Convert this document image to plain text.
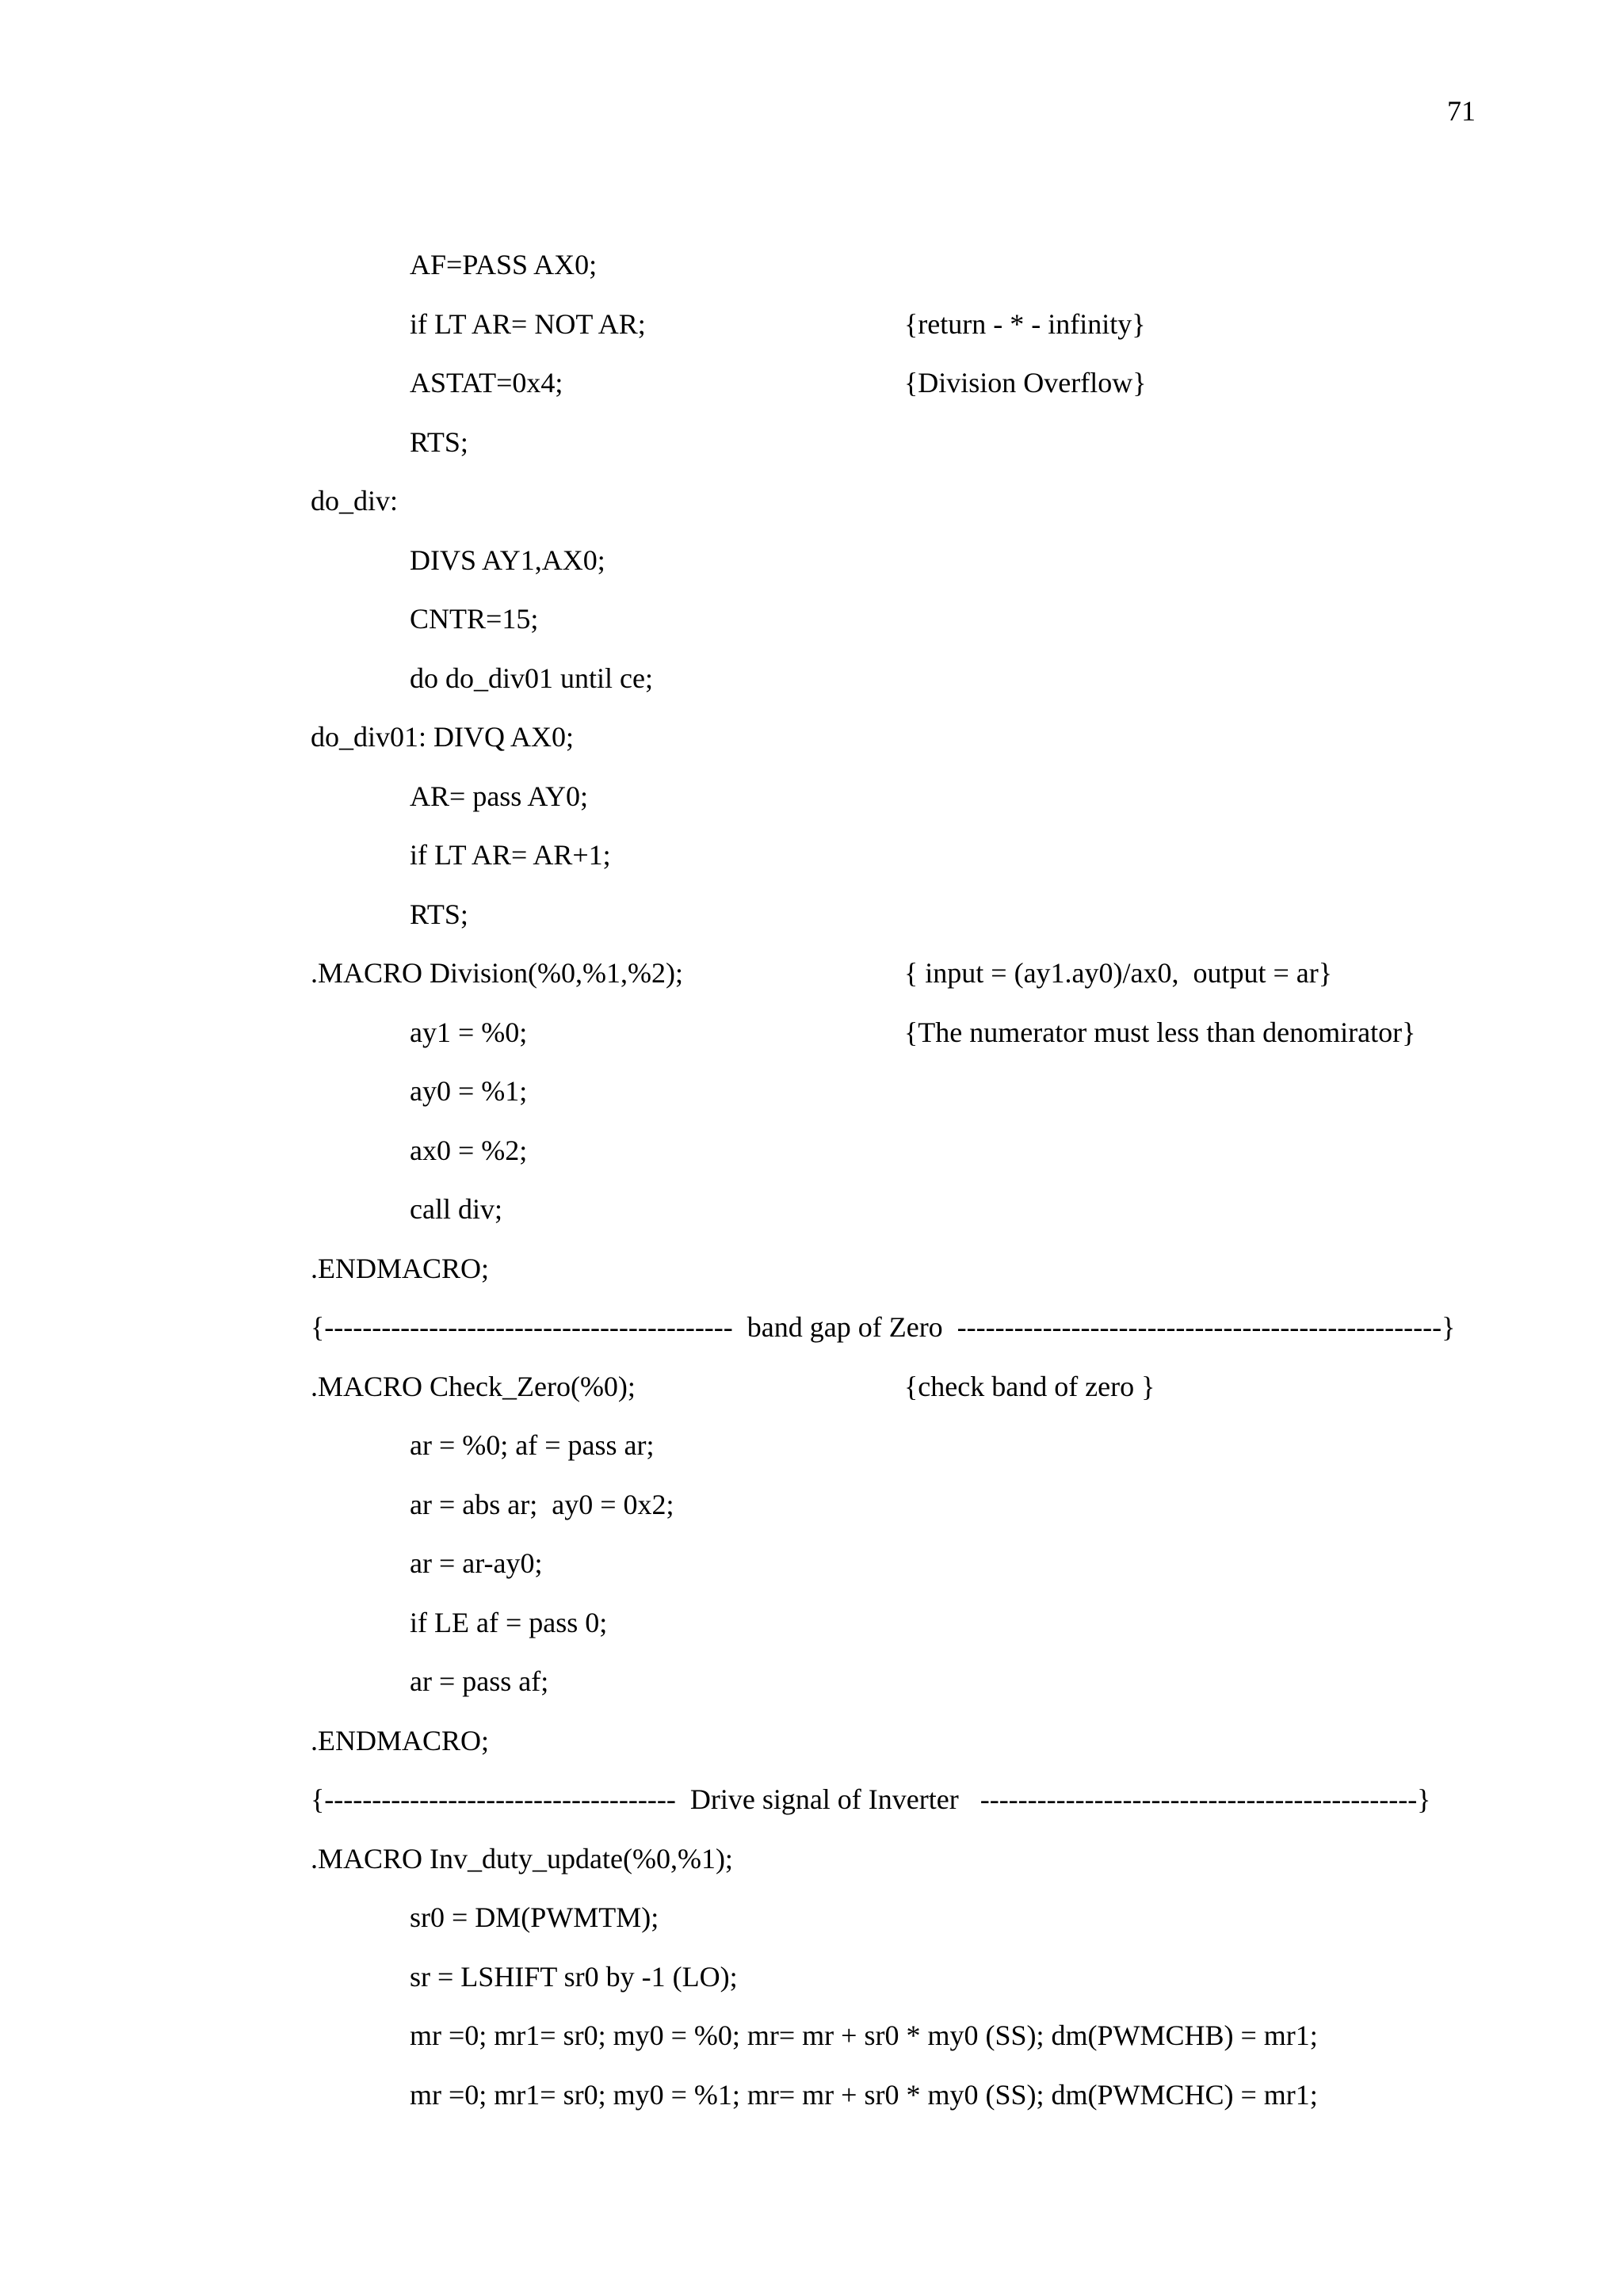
71
AF=PASS AX0;
if LT AR= NOT AR;	{return - * - infinity}
ASTAT=0x4;	{Division Overflow}
RTS;
do_div:
DIVS AY1,AX0;
CNTR=15;
do do_div01 until ce;
do_div01: DIVQ AX0;
AR= pass AY0;
if LT AR= AR+1;
RTS;
.MACRO Division(%0,%1,%2);	{ input = (ay1.ay0)/ax0,  output = ar}
ay1 = %0;	{The numerator must less than denomirator}
ay0 = %1;
ax0 = %2;
call div;
.ENDMACRO;
{-------------------------------------------  band gap of Zero  ---------------------------------------------------}
.MACRO Check_Zero(%0);	{check band of zero }
ar = %0; af = pass ar;
ar = abs ar;  ay0 = 0x2;
ar = ar-ay0;
if LE af = pass 0;
ar = pass af;
.ENDMACRO;
{-------------------------------------  Drive signal of Inverter   ----------------------------------------------}
.MACRO Inv_duty_update(%0,%1);
sr0 = DM(PWMTM);
sr = LSHIFT sr0 by -1 (LO);
mr =0; mr1= sr0; my0 = %0; mr= mr + sr0 * my0 (SS); dm(PWMCHB) = mr1;
mr =0; mr1= sr0; my0 = %1; mr= mr + sr0 * my0 (SS); dm(PWMCHC) = mr1;
